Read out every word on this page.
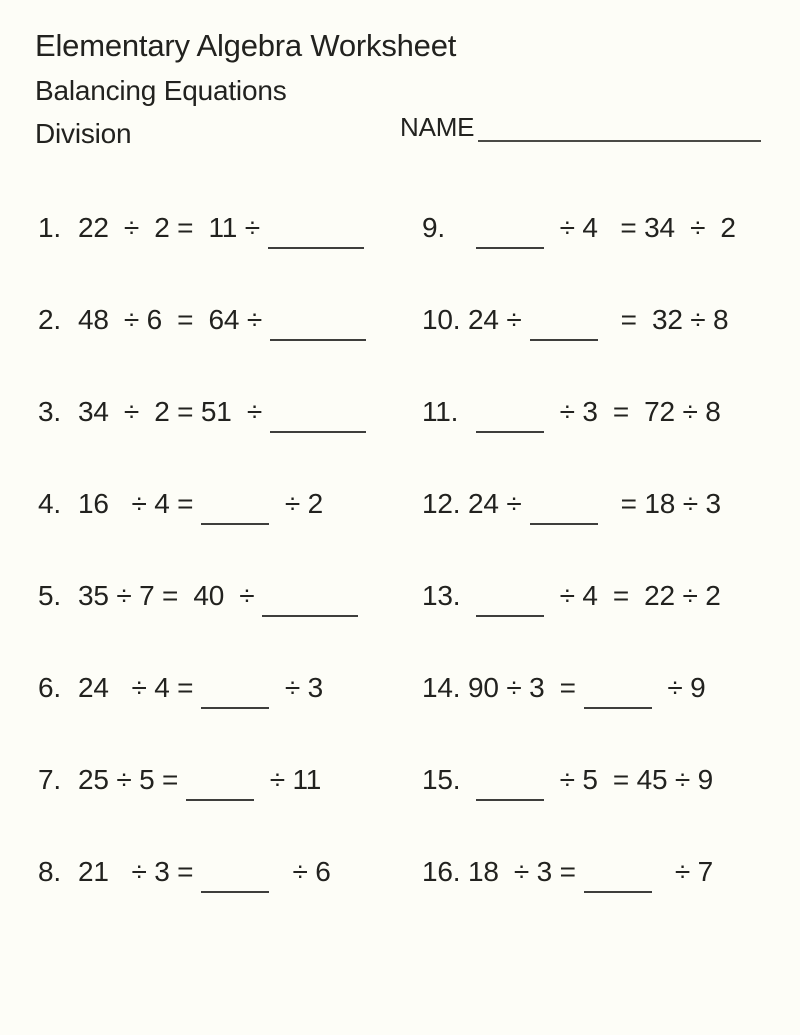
Elementary Algebra Worksheet
Balancing Equations
Division	NAME
1. 22  ÷  2 =  11 ÷
2. 48  ÷ 6  =  64 ÷
3. 34  ÷  2 = 51  ÷
4. 16   ÷ 4 =	÷ 2
5. 35 ÷ 7 =  40  ÷
6. 24   ÷ 4 =	÷ 3
7. 25 ÷ 5 =	÷ 11
8. 21   ÷ 3 =	÷ 6
9.	÷ 4   = 34  ÷  2
10. 24 ÷	=  32 ÷ 8
11.	÷ 3  =  72 ÷ 8
12. 24 ÷	= 18 ÷ 3
13.	÷ 4  =  22 ÷ 2
14. 90 ÷ 3  =	÷ 9
15.	÷ 5  = 45 ÷ 9
16. 18  ÷ 3 =	÷ 7
